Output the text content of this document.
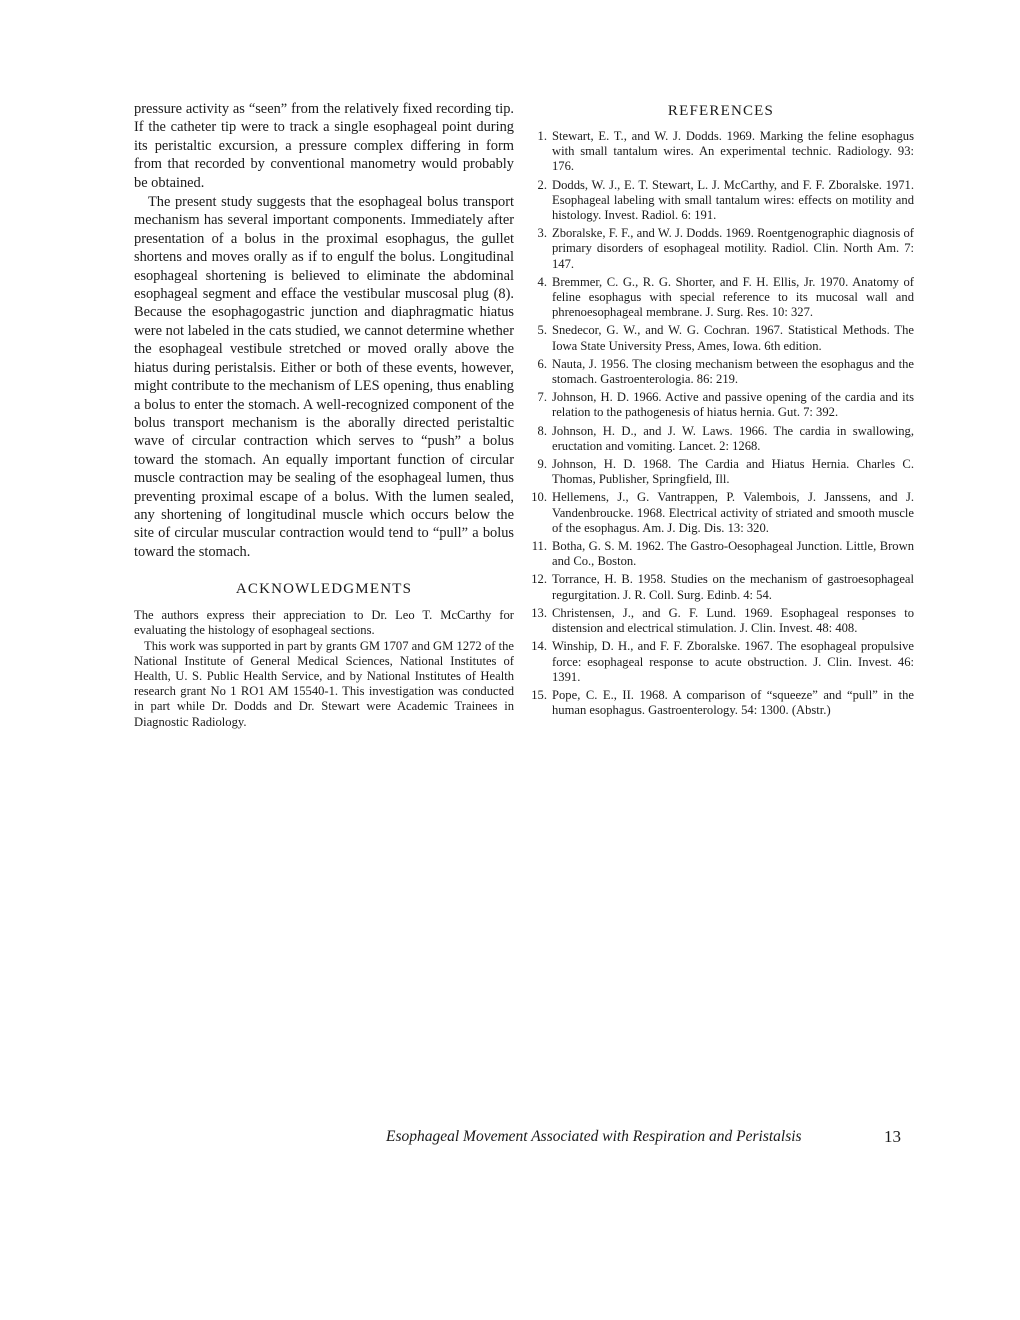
pressure activity as “seen” from the relatively fixed recording tip. If the catheter tip were to track a single esophageal point during its peristaltic excursion, a pressure complex differing in form from that recorded by conventional manometry would probably be obtained.

The present study suggests that the esophageal bolus transport mechanism has several important components. Immediately after presentation of a bolus in the proximal esophagus, the gullet shortens and moves orally as if to engulf the bolus. Longitudinal esophageal shortening is believed to eliminate the abdominal esophageal segment and efface the vestibular muscosal plug (8). Because the esophagogastric junction and diaphragmatic hiatus were not labeled in the cats studied, we cannot determine whether the esophageal vestibule stretched or moved orally above the hiatus during peristalsis. Either or both of these events, however, might contribute to the mechanism of LES opening, thus enabling a bolus to enter the stomach. A well-recognized component of the bolus transport mechanism is the aborally directed peristaltic wave of circular contraction which serves to “push” a bolus toward the stomach. An equally important function of circular muscle contraction may be sealing of the esophageal lumen, thus preventing proximal escape of a bolus. With the lumen sealed, any shortening of longitudinal muscle which occurs below the site of circular muscular contraction would tend to “pull” a bolus toward the stomach.

ACKNOWLEDGMENTS

The authors express their appreciation to Dr. Leo T. McCarthy for evaluating the histology of esophageal sections.

This work was supported in part by grants GM 1707 and GM 1272 of the National Institute of General Medical Sciences, National Institutes of Health, U. S. Public Health Service, and by National Institutes of Health research grant No 1 RO1 AM 15540-1. This investigation was conducted in part while Dr. Dodds and Dr. Stewart were Academic Trainees in Diagnostic Radiology.

REFERENCES
1. Stewart, E. T., and W. J. Dodds. 1969. Marking the feline esophagus with small tantalum wires. An experimental technic. Radiology. 93: 176.
2. Dodds, W. J., E. T. Stewart, L. J. McCarthy, and F. F. Zboralske. 1971. Esophageal labeling with small tantalum wires: effects on motility and histology. Invest. Radiol. 6: 191.
3. Zboralske, F. F., and W. J. Dodds. 1969. Roentgenographic diagnosis of primary disorders of esophageal motility. Radiol. Clin. North Am. 7: 147.
4. Bremmer, C. G., R. G. Shorter, and F. H. Ellis, Jr. 1970. Anatomy of feline esophagus with special reference to its mucosal wall and phrenoesophageal membrane. J. Surg. Res. 10: 327.
5. Snedecor, G. W., and W. G. Cochran. 1967. Statistical Methods. The Iowa State University Press, Ames, Iowa. 6th edition.
6. Nauta, J. 1956. The closing mechanism between the esophagus and the stomach. Gastroenterologia. 86: 219.
7. Johnson, H. D. 1966. Active and passive opening of the cardia and its relation to the pathogenesis of hiatus hernia. Gut. 7: 392.
8. Johnson, H. D., and J. W. Laws. 1966. The cardia in swallowing, eructation and vomiting. Lancet. 2: 1268.
9. Johnson, H. D. 1968. The Cardia and Hiatus Hernia. Charles C. Thomas, Publisher, Springfield, Ill.
10. Hellemens, J., G. Vantrappen, P. Valembois, J. Janssens, and J. Vandenbroucke. 1968. Electrical activity of striated and smooth muscle of the esophagus. Am. J. Dig. Dis. 13: 320.
11. Botha, G. S. M. 1962. The Gastro-Oesophageal Junction. Little, Brown and Co., Boston.
12. Torrance, H. B. 1958. Studies on the mechanism of gastroesophageal regurgitation. J. R. Coll. Surg. Edinb. 4: 54.
13. Christensen, J., and G. F. Lund. 1969. Esophageal responses to distension and electrical stimulation. J. Clin. Invest. 48: 408.
14. Winship, D. H., and F. F. Zboralske. 1967. The esophageal propulsive force: esophageal response to acute obstruction. J. Clin. Invest. 46: 1391.
15. Pope, C. E., II. 1968. A comparison of “squeeze” and “pull” in the human esophagus. Gastroenterology. 54: 1300. (Abstr.)
Esophageal Movement Associated with Respiration and Peristalsis	13
